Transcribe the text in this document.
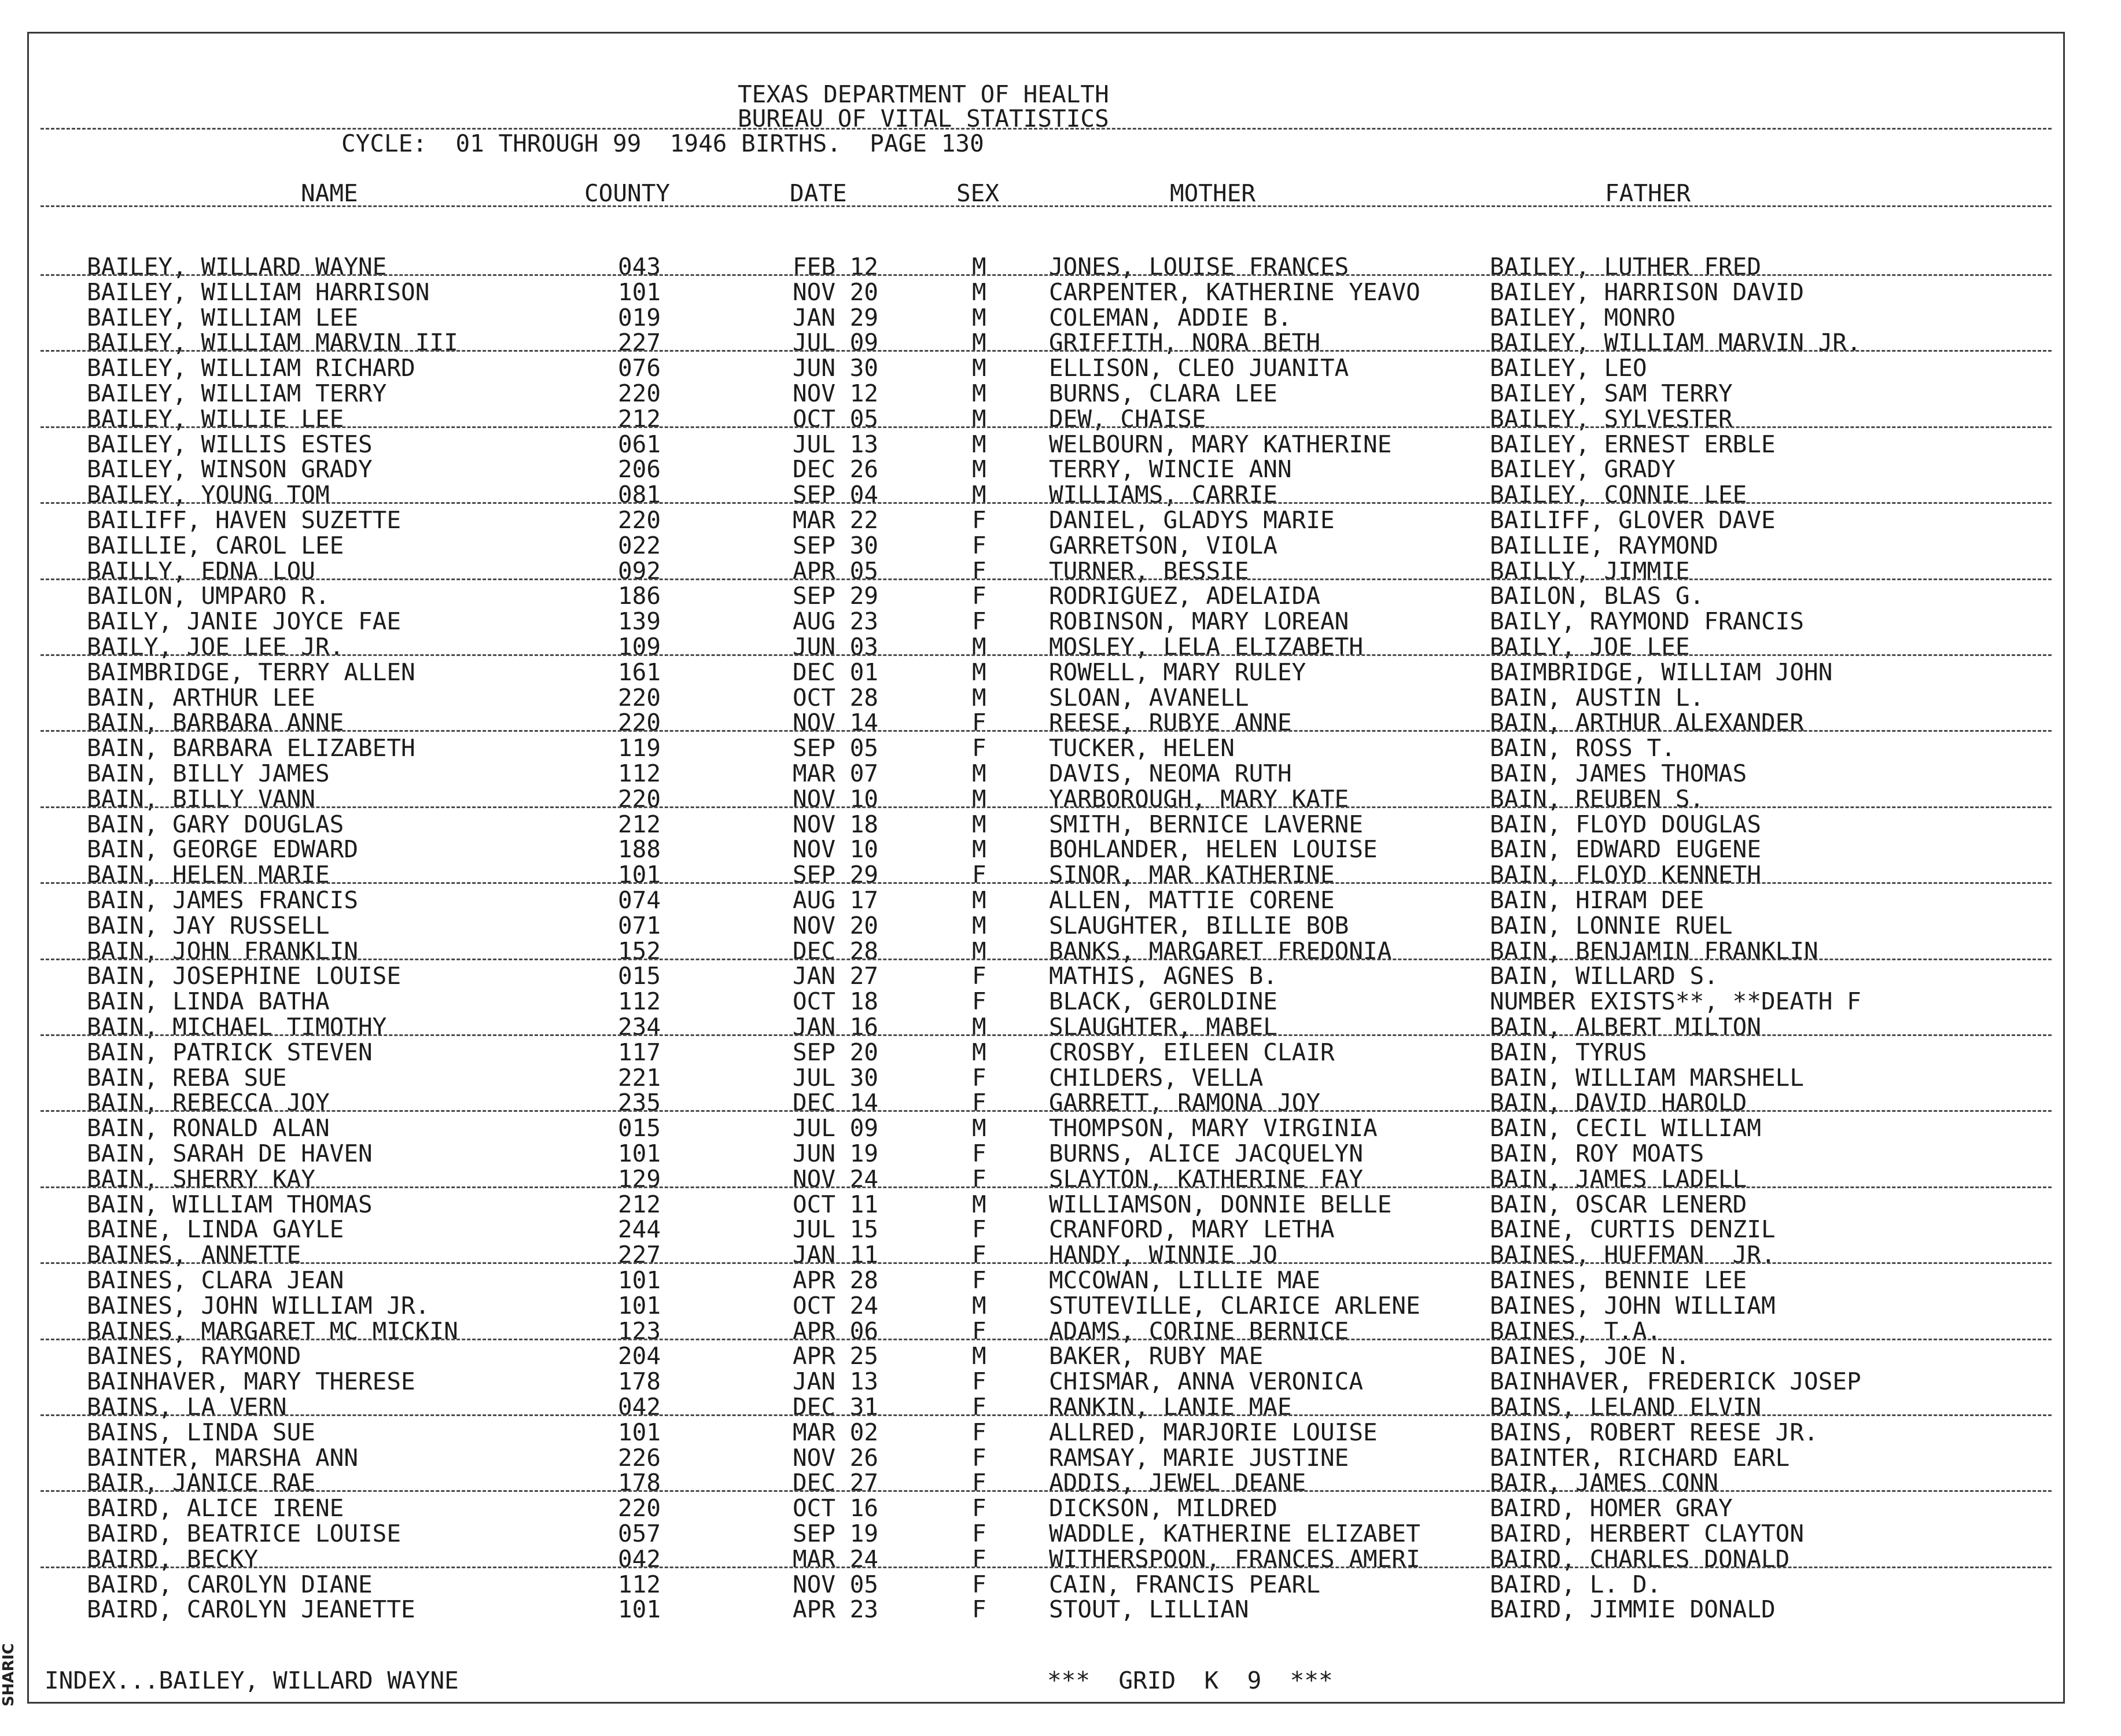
TEXAS DEPARTMENT OF HEALTH
BUREAU OF VITAL STATISTICS
CYCLE:  01 THROUGH 99  1946 BIRTHS.  PAGE 130
NAME	COUNTY	DATE	SEX	MOTHER	FATHER
BAILEY, WILLARD WAYNE	043	FEB 12	M	JONES, LOUISE FRANCES	BAILEY, LUTHER FRED
BAILEY, WILLIAM HARRISON	101	NOV 20	M	CARPENTER, KATHERINE YEAVO	BAILEY, HARRISON DAVID
BAILEY, WILLIAM LEE	019	JAN 29	M	COLEMAN, ADDIE B.	BAILEY, MONRO
BAILEY, WILLIAM MARVIN III	227	JUL 09	M	GRIFFITH, NORA BETH	BAILEY, WILLIAM MARVIN JR.
BAILEY, WILLIAM RICHARD	076	JUN 30	M	ELLISON, CLEO JUANITA	BAILEY, LEO
BAILEY, WILLIAM TERRY	220	NOV 12	M	BURNS, CLARA LEE	BAILEY, SAM TERRY
BAILEY, WILLIE LEE	212	OCT 05	M	DEW, CHAISE	BAILEY, SYLVESTER
BAILEY, WILLIS ESTES	061	JUL 13	M	WELBOURN, MARY KATHERINE	BAILEY, ERNEST ERBLE
BAILEY, WINSON GRADY	206	DEC 26	M	TERRY, WINCIE ANN	BAILEY, GRADY
BAILEY, YOUNG TOM	081	SEP 04	M	WILLIAMS, CARRIE	BAILEY, CONNIE LEE
BAILIFF, HAVEN SUZETTE	220	MAR 22	F	DANIEL, GLADYS MARIE	BAILIFF, GLOVER DAVE
BAILLIE, CAROL LEE	022	SEP 30	F	GARRETSON, VIOLA	BAILLIE, RAYMOND
BAILLY, EDNA LOU	092	APR 05	F	TURNER, BESSIE	BAILLY, JIMMIE
BAILON, UMPARO R.	186	SEP 29	F	RODRIGUEZ, ADELAIDA	BAILON, BLAS G.
BAILY, JANIE JOYCE FAE	139	AUG 23	F	ROBINSON, MARY LOREAN	BAILY, RAYMOND FRANCIS
BAILY, JOE LEE JR.	109	JUN 03	M	MOSLEY, LELA ELIZABETH	BAILY, JOE LEE
BAIMBRIDGE, TERRY ALLEN	161	DEC 01	M	ROWELL, MARY RULEY	BAIMBRIDGE, WILLIAM JOHN
BAIN, ARTHUR LEE	220	OCT 28	M	SLOAN, AVANELL	BAIN, AUSTIN L.
BAIN, BARBARA ANNE	220	NOV 14	F	REESE, RUBYE ANNE	BAIN, ARTHUR ALEXANDER
BAIN, BARBARA ELIZABETH	119	SEP 05	F	TUCKER, HELEN	BAIN, ROSS T.
BAIN, BILLY JAMES	112	MAR 07	M	DAVIS, NEOMA RUTH	BAIN, JAMES THOMAS
BAIN, BILLY VANN	220	NOV 10	M	YARBOROUGH, MARY KATE	BAIN, REUBEN S.
BAIN, GARY DOUGLAS	212	NOV 18	M	SMITH, BERNICE LAVERNE	BAIN, FLOYD DOUGLAS
BAIN, GEORGE EDWARD	188	NOV 10	M	BOHLANDER, HELEN LOUISE	BAIN, EDWARD EUGENE
BAIN, HELEN MARIE	101	SEP 29	F	SINOR, MAR KATHERINE	BAIN, FLOYD KENNETH
BAIN, JAMES FRANCIS	074	AUG 17	M	ALLEN, MATTIE CORENE	BAIN, HIRAM DEE
BAIN, JAY RUSSELL	071	NOV 20	M	SLAUGHTER, BILLIE BOB	BAIN, LONNIE RUEL
BAIN, JOHN FRANKLIN	152	DEC 28	M	BANKS, MARGARET FREDONIA	BAIN, BENJAMIN FRANKLIN
BAIN, JOSEPHINE LOUISE	015	JAN 27	F	MATHIS, AGNES B.	BAIN, WILLARD S.
BAIN, LINDA BATHA	112	OCT 18	F	BLACK, GEROLDINE	NUMBER EXISTS**, **DEATH F
BAIN, MICHAEL TIMOTHY	234	JAN 16	M	SLAUGHTER, MABEL	BAIN, ALBERT MILTON
BAIN, PATRICK STEVEN	117	SEP 20	M	CROSBY, EILEEN CLAIR	BAIN, TYRUS
BAIN, REBA SUE	221	JUL 30	F	CHILDERS, VELLA	BAIN, WILLIAM MARSHELL
BAIN, REBECCA JOY	235	DEC 14	F	GARRETT, RAMONA JOY	BAIN, DAVID HAROLD
BAIN, RONALD ALAN	015	JUL 09	M	THOMPSON, MARY VIRGINIA	BAIN, CECIL WILLIAM
BAIN, SARAH DE HAVEN	101	JUN 19	F	BURNS, ALICE JACQUELYN	BAIN, ROY MOATS
BAIN, SHERRY KAY	129	NOV 24	F	SLAYTON, KATHERINE FAY	BAIN, JAMES LADELL
BAIN, WILLIAM THOMAS	212	OCT 11	M	WILLIAMSON, DONNIE BELLE	BAIN, OSCAR LENERD
BAINE, LINDA GAYLE	244	JUL 15	F	CRANFORD, MARY LETHA	BAINE, CURTIS DENZIL
BAINES, ANNETTE	227	JAN 11	F	HANDY, WINNIE JO	BAINES, HUFFMAN  JR.
BAINES, CLARA JEAN	101	APR 28	F	MCCOWAN, LILLIE MAE	BAINES, BENNIE LEE
BAINES, JOHN WILLIAM JR.	101	OCT 24	M	STUTEVILLE, CLARICE ARLENE	BAINES, JOHN WILLIAM
BAINES, MARGARET MC MICKIN	123	APR 06	F	ADAMS, CORINE BERNICE	BAINES, T.A.
BAINES, RAYMOND	204	APR 25	M	BAKER, RUBY MAE	BAINES, JOE N.
BAINHAVER, MARY THERESE	178	JAN 13	F	CHISMAR, ANNA VERONICA	BAINHAVER, FREDERICK JOSEP
BAINS, LA VERN	042	DEC 31	F	RANKIN, LANIE MAE	BAINS, LELAND ELVIN
BAINS, LINDA SUE	101	MAR 02	F	ALLRED, MARJORIE LOUISE	BAINS, ROBERT REESE JR.
BAINTER, MARSHA ANN	226	NOV 26	F	RAMSAY, MARIE JUSTINE	BAINTER, RICHARD EARL
BAIR, JANICE RAE	178	DEC 27	F	ADDIS, JEWEL DEANE	BAIR, JAMES CONN
BAIRD, ALICE IRENE	220	OCT 16	F	DICKSON, MILDRED	BAIRD, HOMER GRAY
BAIRD, BEATRICE LOUISE	057	SEP 19	F	WADDLE, KATHERINE ELIZABET	BAIRD, HERBERT CLAYTON
BAIRD, BECKY	042	MAR 24	F	WITHERSPOON, FRANCES AMERI	BAIRD, CHARLES DONALD
BAIRD, CAROLYN DIANE	112	NOV 05	F	CAIN, FRANCIS PEARL	BAIRD, L. D.
BAIRD, CAROLYN JEANETTE	101	APR 23	F	STOUT, LILLIAN	BAIRD, JIMMIE DONALD
INDEX...BAILEY, WILLARD WAYNE	***  GRID  K  9  ***
SHARIC
